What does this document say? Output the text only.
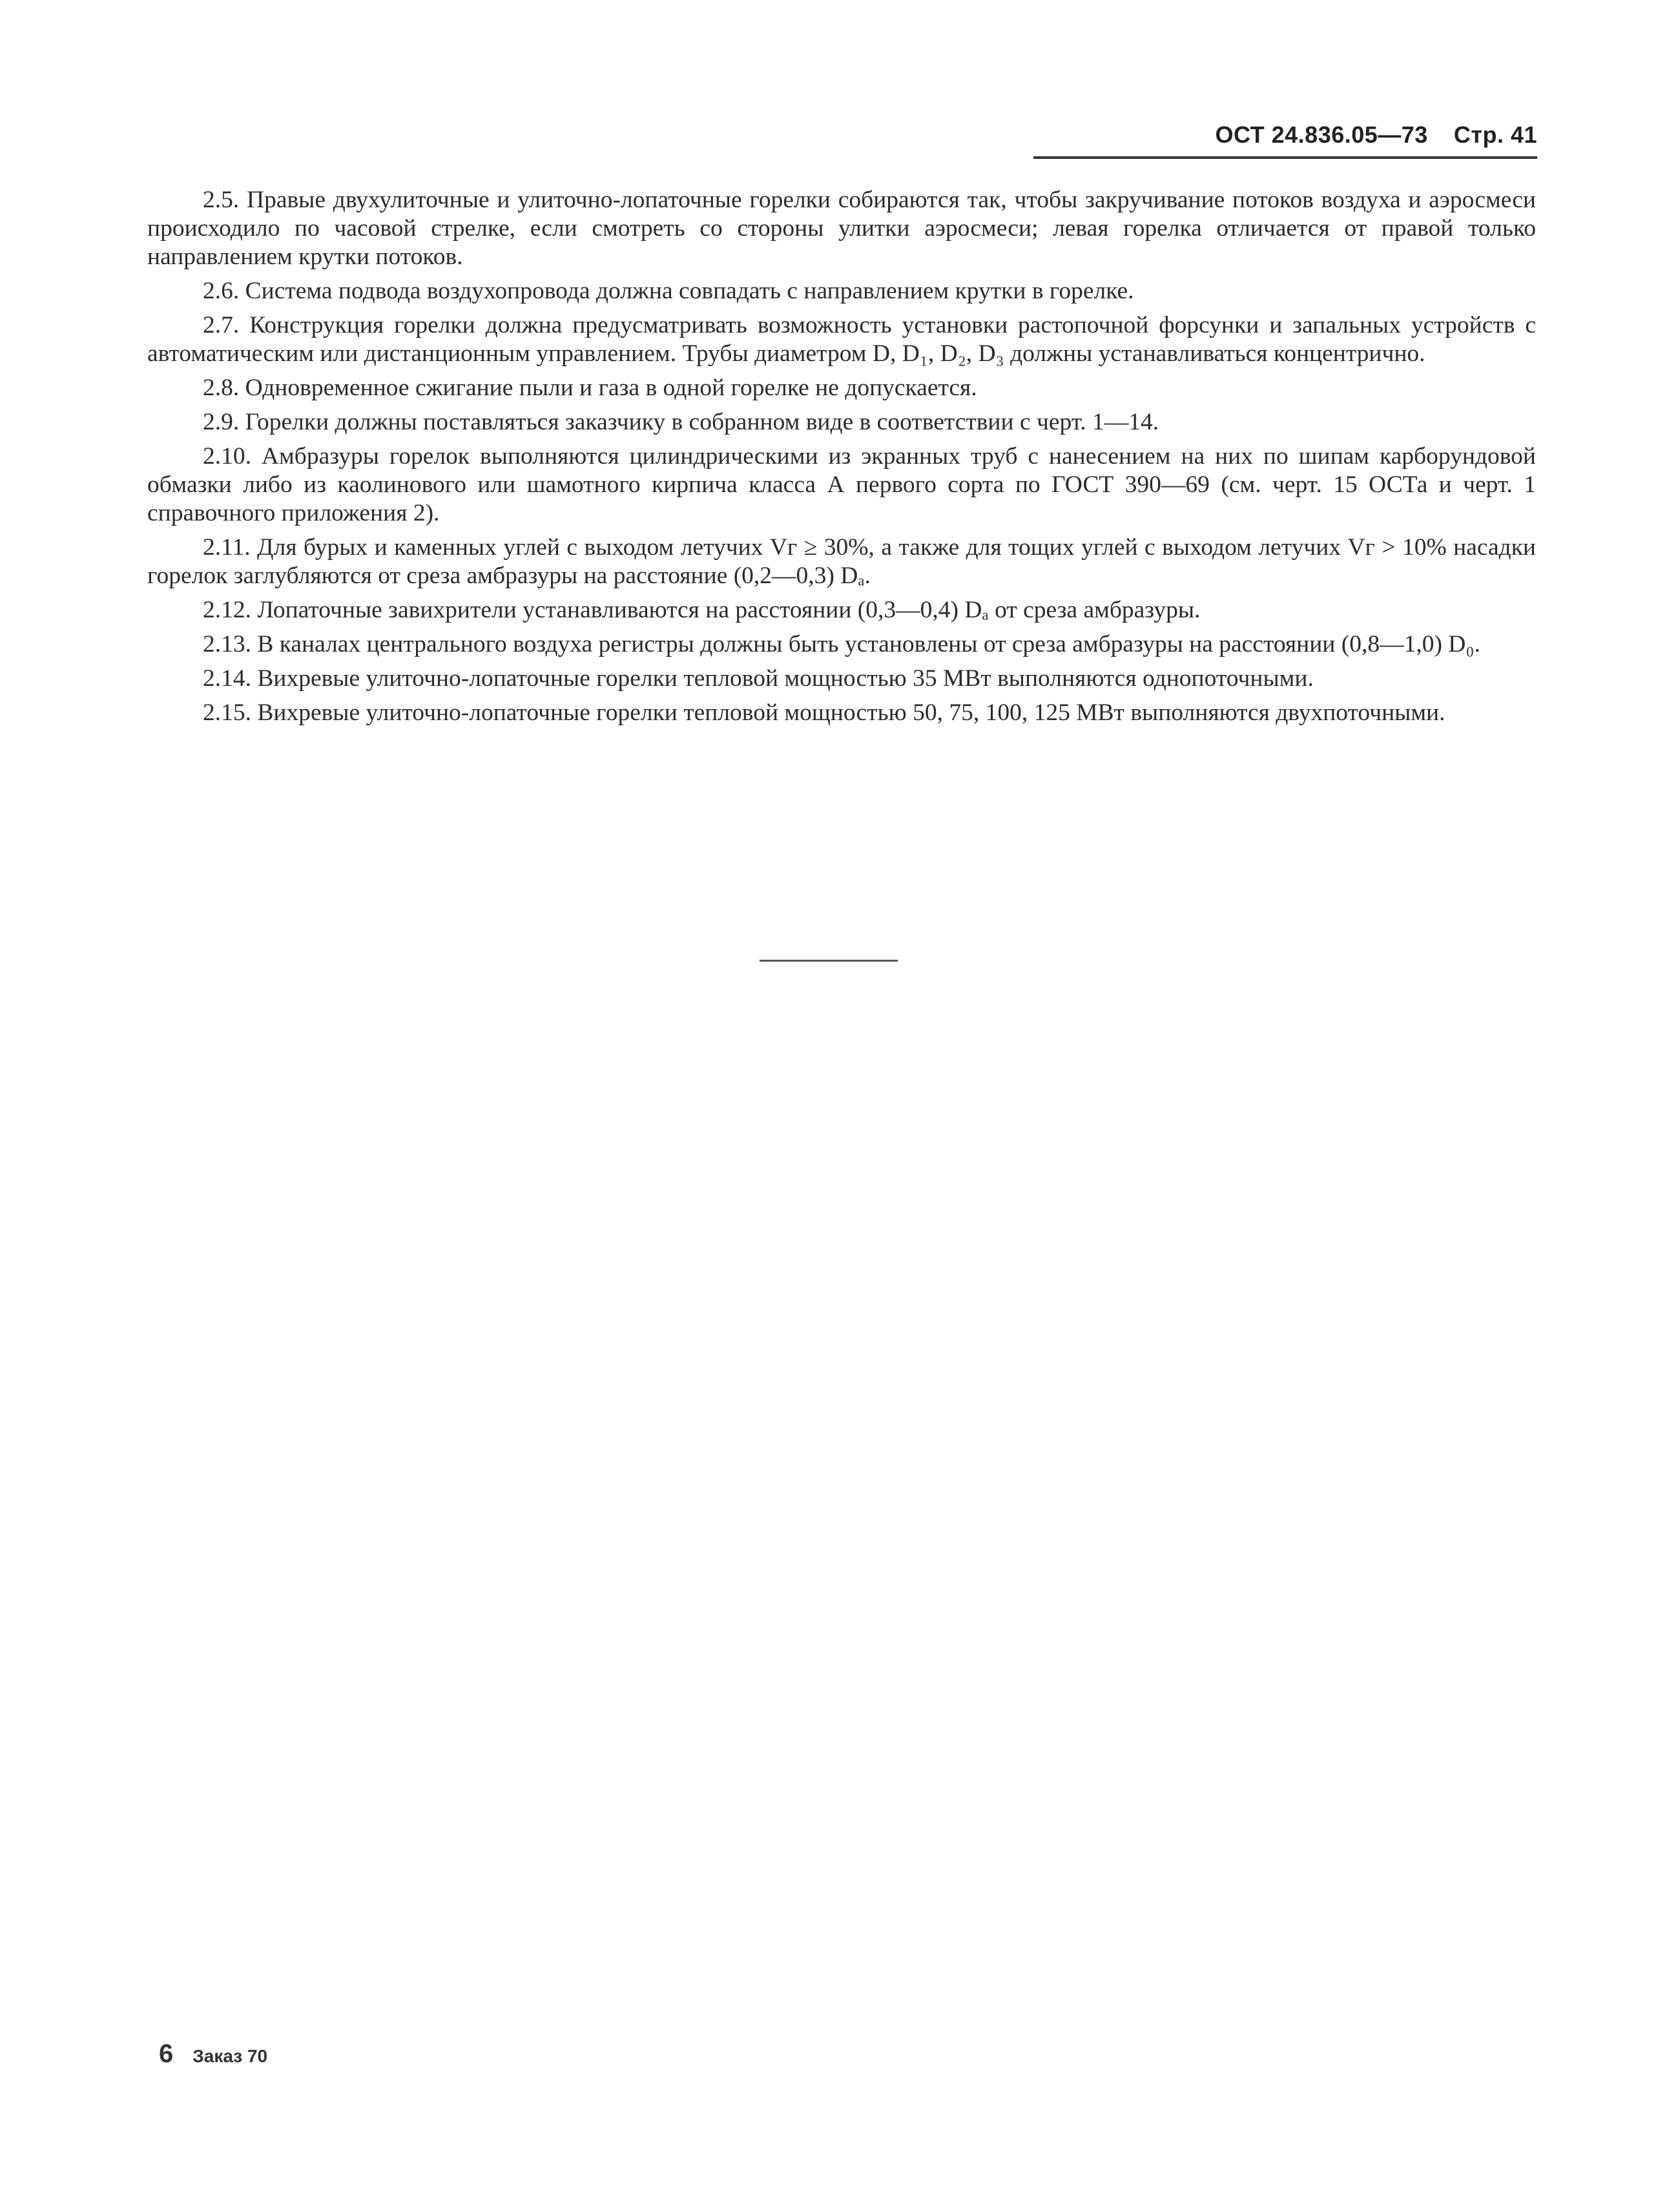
ОСТ 24.836.05—73 Стр. 41

2.5. Правые двухулиточные и улиточно-лопаточные горелки собираются так, чтобы закручивание потоков воздуха и аэросмеси происходило по часовой стрелке, если смотреть со стороны улитки аэросмеси; левая горелка отличается от правой только направлением крутки потоков.

2.6. Система подвода воздухопровода должна совпадать с направлением крутки в горелке.

2.7. Конструкция горелки должна предусматривать возможность установки растопочной форсунки и запальных устройств с автоматическим или дистанционным управлением. Трубы диаметром D, D₁, D₂, D₃ должны устанавливаться концентрично.

2.8. Одновременное сжигание пыли и газа в одной горелке не допускается.

2.9. Горелки должны поставляться заказчику в собранном виде в соответствии с черт. 1—14.

2.10. Амбразуры горелок выполняются цилиндрическими из экранных труб с нанесением на них по шипам карборундовой обмазки либо из каолинового или шамотного кирпича класса А первого сорта по ГОСТ 390—69 (см. черт. 15 ОСТа и черт. 1 справочного приложения 2).

2.11. Для бурых и каменных углей с выходом летучих Vᴦ ≥ 30%, а также для тощих углей с выходом летучих Vᴦ > 10% насадки горелок заглубляются от среза амбразуры на расстояние (0,2—0,3) Dₐ.

2.12. Лопаточные завихрители устанавливаются на расстоянии (0,3—0,4) Dₐ от среза амбразуры.

2.13. В каналах центрального воздуха регистры должны быть установлены от среза амбразуры на расстоянии (0,8—1,0) D₀.

2.14. Вихревые улиточно-лопаточные горелки тепловой мощностью 35 МВт выполняются однопоточными.

2.15. Вихревые улиточно-лопаточные горелки тепловой мощностью 50, 75, 100, 125 МВт выполняются двухпоточными.

6 Заказ 70
